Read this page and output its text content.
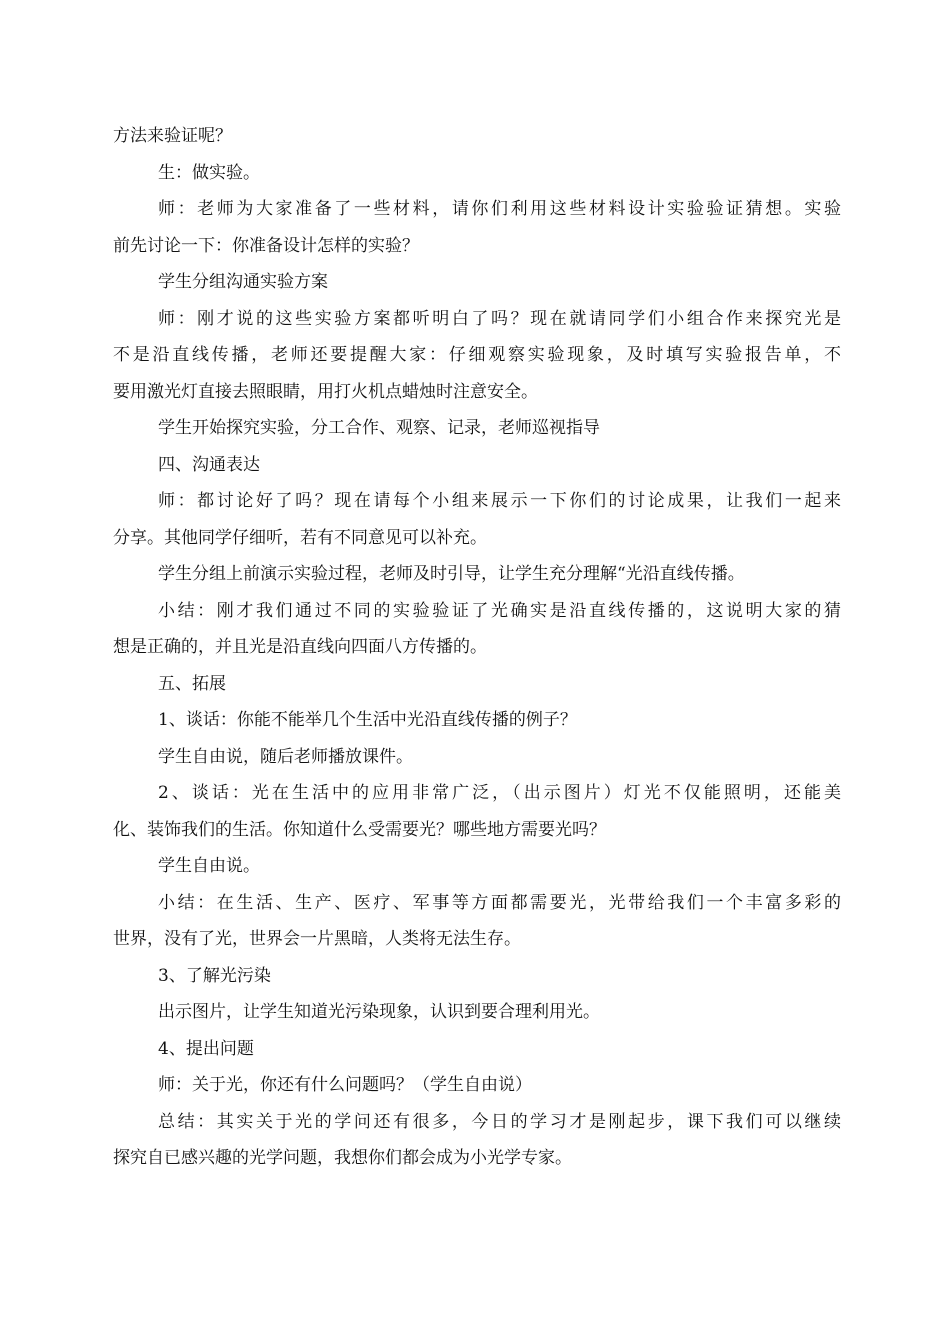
方法来验证呢？
生：做实验。
师：老师为大家准备了一些材料，请你们利用这些材料设计实验验证猜想。实验
前先讨论一下：你准备设计怎样的实验？
学生分组沟通实验方案
师：刚才说的这些实验方案都听明白了吗？现在就请同学们小组合作来探究光是
不是沿直线传播，老师还要提醒大家：仔细观察实验现象，及时填写实验报告单，不
要用激光灯直接去照眼睛，用打火机点蜡烛时注意安全。
学生开始探究实验，分工合作、观察、记录，老师巡视指导
四、沟通表达
师：都讨论好了吗？现在请每个小组来展示一下你们的讨论成果，让我们一起来
分享。其他同学仔细听，若有不同意见可以补充。
学生分组上前演示实验过程，老师及时引导，让学生充分理解“光沿直线传播。
小结：刚才我们通过不同的实验验证了光确实是沿直线传播的，这说明大家的猜
想是正确的，并且光是沿直线向四面八方传播的。
五、拓展
1、谈话：你能不能举几个生活中光沿直线传播的例子？
学生自由说，随后老师播放课件。
2、谈话：光在生活中的应用非常广泛，（出示图片）灯光不仅能照明，还能美
化、装饰我们的生活。你知道什么受需要光？哪些地方需要光吗？
学生自由说。
小结：在生活、生产、医疗、军事等方面都需要光，光带给我们一个丰富多彩的
世界，没有了光，世界会一片黑暗，人类将无法生存。
3、了解光污染
出示图片，让学生知道光污染现象，认识到要合理利用光。
4、提出问题
师：关于光，你还有什么问题吗？（学生自由说）
总结：其实关于光的学问还有很多，今日的学习才是刚起步，课下我们可以继续
探究自已感兴趣的光学问题，我想你们都会成为小光学专家。
